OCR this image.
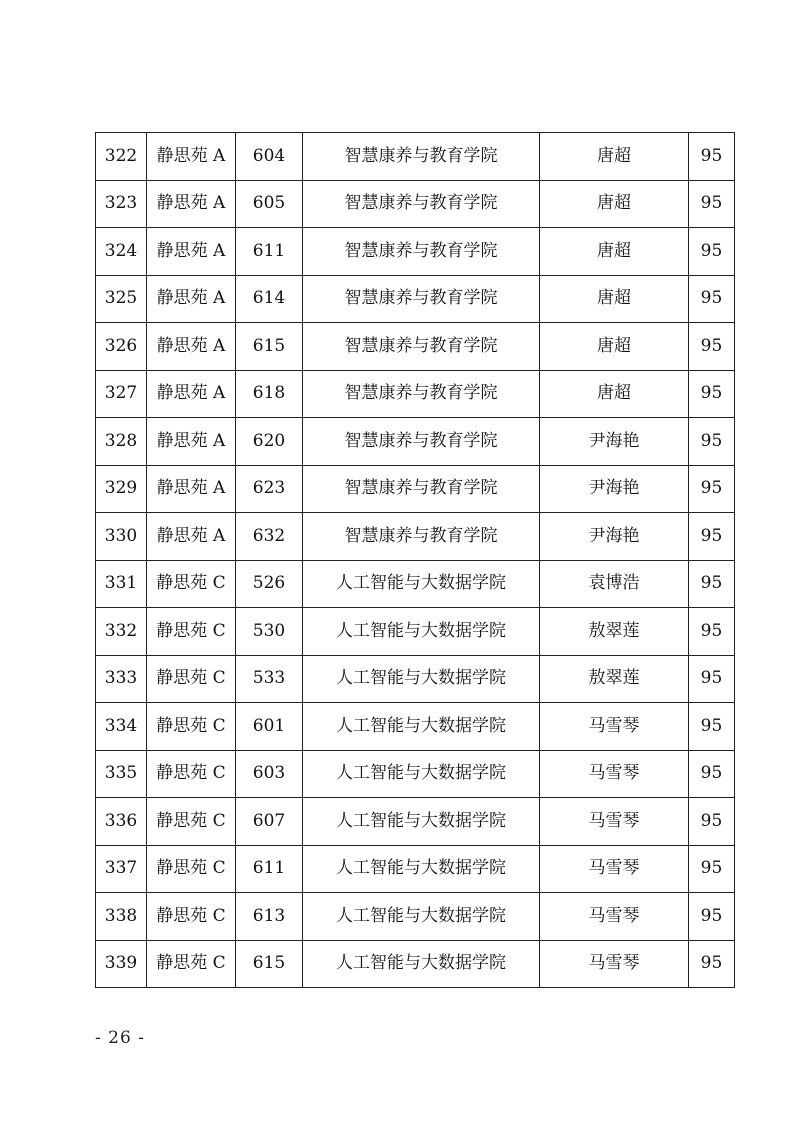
322	静思苑 A	604	智慧康养与教育学院	唐超	95
323	静思苑 A	605	智慧康养与教育学院	唐超	95
324	静思苑 A	611	智慧康养与教育学院	唐超	95
325	静思苑 A	614	智慧康养与教育学院	唐超	95
326	静思苑 A	615	智慧康养与教育学院	唐超	95
327	静思苑 A	618	智慧康养与教育学院	唐超	95
328	静思苑 A	620	智慧康养与教育学院	尹海艳	95
329	静思苑 A	623	智慧康养与教育学院	尹海艳	95
330	静思苑 A	632	智慧康养与教育学院	尹海艳	95
331	静思苑 C	526	人工智能与大数据学院	袁博浩	95
332	静思苑 C	530	人工智能与大数据学院	敖翠莲	95
333	静思苑 C	533	人工智能与大数据学院	敖翠莲	95
334	静思苑 C	601	人工智能与大数据学院	马雪琴	95
335	静思苑 C	603	人工智能与大数据学院	马雪琴	95
336	静思苑 C	607	人工智能与大数据学院	马雪琴	95
337	静思苑 C	611	人工智能与大数据学院	马雪琴	95
338	静思苑 C	613	人工智能与大数据学院	马雪琴	95
339	静思苑 C	615	人工智能与大数据学院	马雪琴	95
- 26 -
